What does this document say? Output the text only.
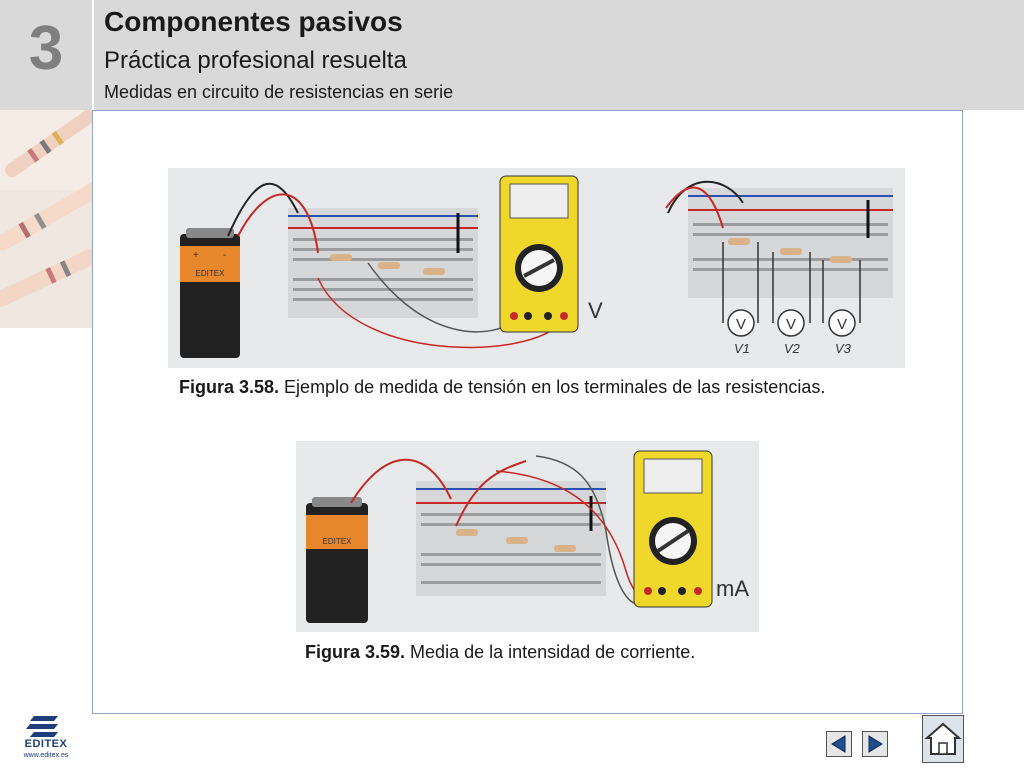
3	Componentes pasivos
Práctica profesional resuelta
Medidas en circuito de resistencias en serie
EDITEX
+ -
V
V	V	V
V1	V2	V3
Figura 3.58. Ejemplo de medida de tensión en los terminales de las resistencias.
EDITEX
mA
Figura 3.59. Media de la intensidad de corriente.
EDITEX
www.editex.es
